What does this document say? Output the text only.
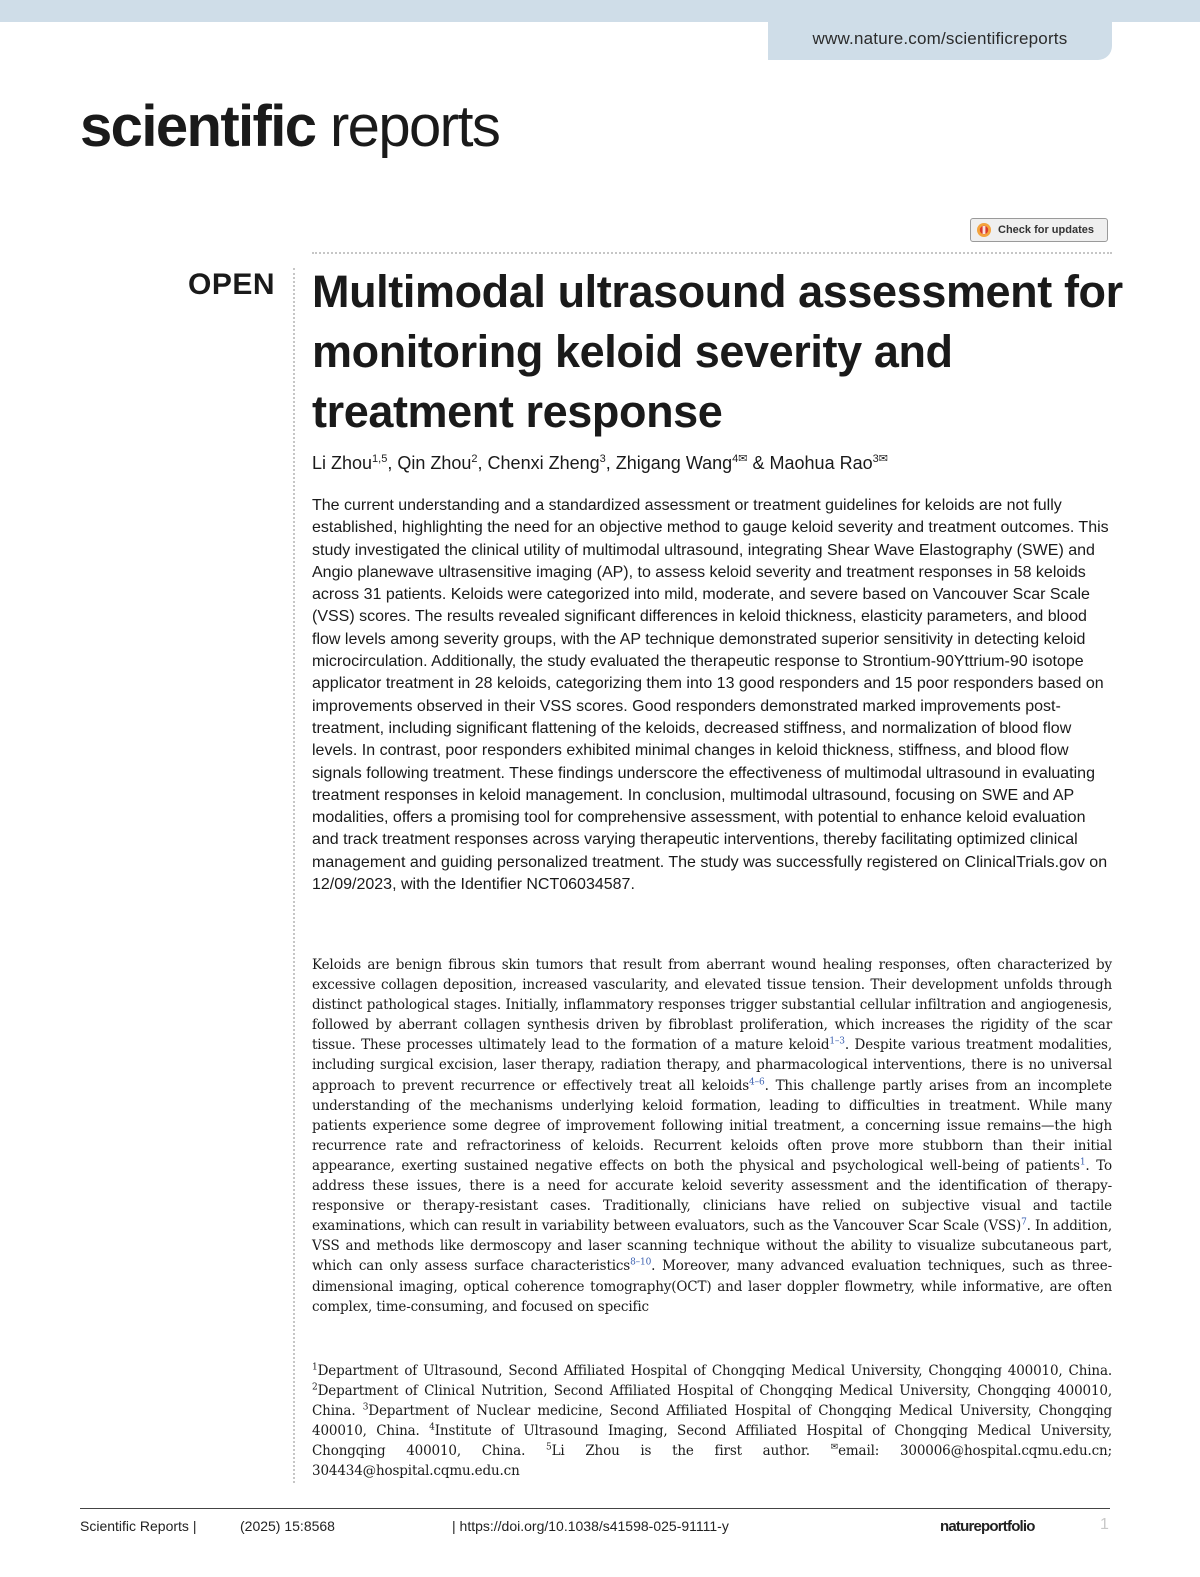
www.nature.com/scientificreports
scientific reports
Check for updates
OPEN Multimodal ultrasound assessment for monitoring keloid severity and treatment response
Li Zhou$^{1,5}$, Qin Zhou$^2$, Chenxi Zheng$^3$, Zhigang Wang$^{4✉}$ & Maohua Rao$^{3✉}$

The current understanding and a standardized assessment or treatment guidelines for keloids are not fully established, highlighting the need for an objective method to gauge keloid severity and treatment outcomes. This study investigated the clinical utility of multimodal ultrasound, integrating Shear Wave Elastography (SWE) and Angio planewave ultrasensitive imaging (AP), to assess keloid severity and treatment responses in 58 keloids across 31 patients. Keloids were categorized into mild, moderate, and severe based on Vancouver Scar Scale (VSS) scores. The results revealed significant differences in keloid thickness, elasticity parameters, and blood flow levels among severity groups, with the AP technique demonstrated superior sensitivity in detecting keloid microcirculation. Additionally, the study evaluated the therapeutic response to Strontium-90Yttrium-90 isotope applicator treatment in 28 keloids, categorizing them into 13 good responders and 15 poor responders based on improvements observed in their VSS scores. Good responders demonstrated marked improvements post-treatment, including significant flattening of the keloids, decreased stiffness, and normalization of blood flow levels. In contrast, poor responders exhibited minimal changes in keloid thickness, stiffness, and blood flow signals following treatment. These findings underscore the effectiveness of multimodal ultrasound in evaluating treatment responses in keloid management. In conclusion, multimodal ultrasound, focusing on SWE and AP modalities, offers a promising tool for comprehensive assessment, with potential to enhance keloid evaluation and track treatment responses across varying therapeutic interventions, thereby facilitating optimized clinical management and guiding personalized treatment. The study was successfully registered on ClinicalTrials.gov on 12/09/2023, with the Identifier NCT06034587.

Keloids are benign fibrous skin tumors that result from aberrant wound healing responses, often characterized by excessive collagen deposition, increased vascularity, and elevated tissue tension. Their development unfolds through distinct pathological stages. Initially, inflammatory responses trigger substantial cellular infiltration and angiogenesis, followed by aberrant collagen synthesis driven by fibroblast proliferation, which increases the rigidity of the scar tissue. These processes ultimately lead to the formation of a mature keloid$^{1-3}$. Despite various treatment modalities, including surgical excision, laser therapy, radiation therapy, and pharmacological interventions, there is no universal approach to prevent recurrence or effectively treat all keloids$^{4-6}$. This challenge partly arises from an incomplete understanding of the mechanisms underlying keloid formation, leading to difficulties in treatment. While many patients experience some degree of improvement following initial treatment, a concerning issue remains—the high recurrence rate and refractoriness of keloids. Recurrent keloids often prove more stubborn than their initial appearance, exerting sustained negative effects on both the physical and psychological well-being of patients$^1$. To address these issues, there is a need for accurate keloid severity assessment and the identification of therapy-responsive or therapy-resistant cases. Traditionally, clinicians have relied on subjective visual and tactile examinations, which can result in variability between evaluators, such as the Vancouver Scar Scale (VSS)$^7$. In addition, VSS and methods like dermoscopy and laser scanning technique without the ability to visualize subcutaneous part, which can only assess surface characteristics$^{8-10}$. Moreover, many advanced evaluation techniques, such as three-dimensional imaging, optical coherence tomography(OCT) and laser doppler flowmetry, while informative, are often complex, time-consuming, and focused on specific

$^1$Department of Ultrasound, Second Affiliated Hospital of Chongqing Medical University, Chongqing 400010, China. $^2$Department of Clinical Nutrition, Second Affiliated Hospital of Chongqing Medical University, Chongqing 400010, China. $^3$Department of Nuclear medicine, Second Affiliated Hospital of Chongqing Medical University, Chongqing 400010, China. $^4$Institute of Ultrasound Imaging, Second Affiliated Hospital of Chongqing Medical University, Chongqing 400010, China. $^5$Li Zhou is the first author. ✉email: 300006@hospital.cqmu.edu.cn; 304434@hospital.cqmu.edu.cn

Scientific Reports |	(2025) 15:8568	| https://doi.org/10.1038/s41598-025-91111-y	natureportfolio	1
